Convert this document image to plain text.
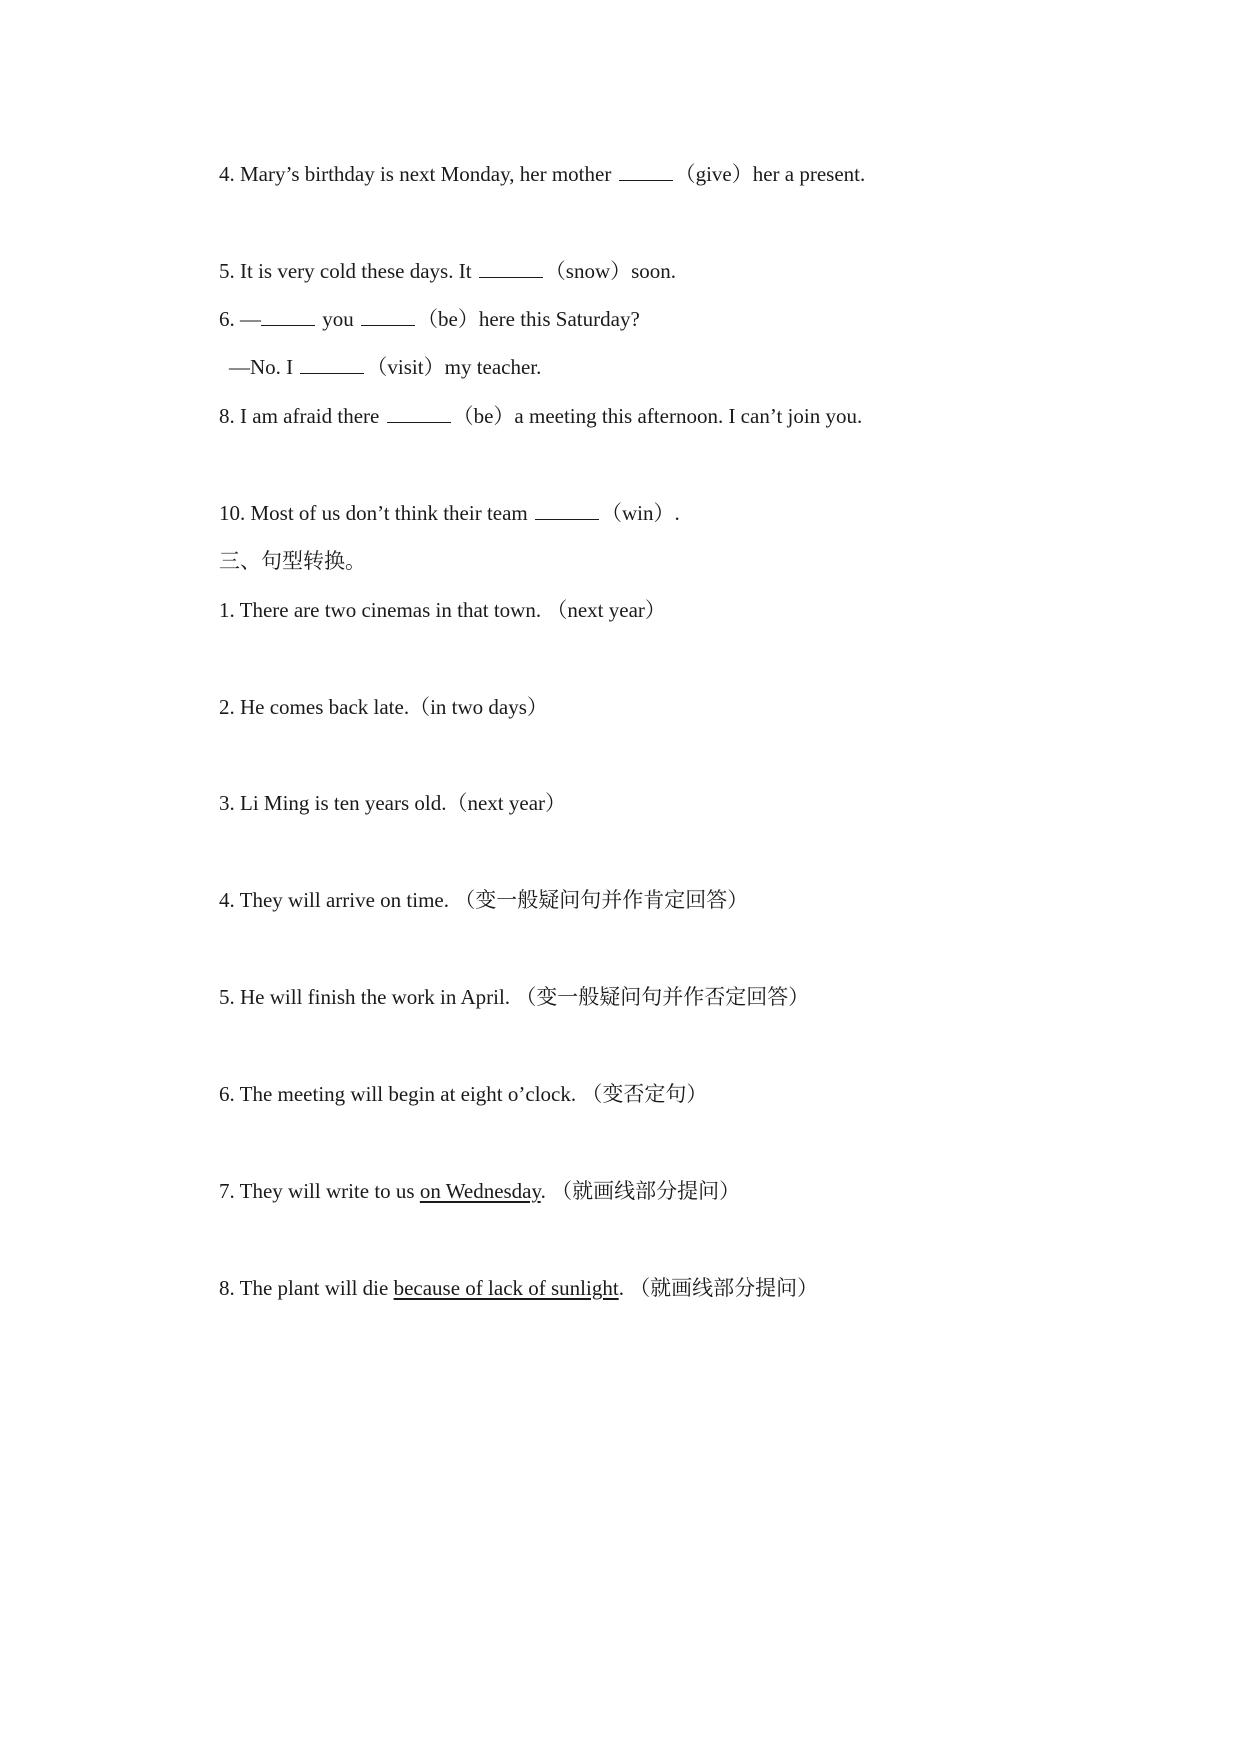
4. Mary’s birthday is next Monday, her mother	（give）her a present.
5. It is very cold these days. It	（snow）soon.
6. —	you	（be）here this Saturday?
—No. I	（visit）my teacher.
8. I am afraid there	（be）a meeting this afternoon. I can’t join you.
10. Most of us don’t think their team	（win）.
三、句型转换。
1. There are two cinemas in that town. （next year）
2. He comes back late.（in two days）
3. Li Ming is ten years old.（next year）
4. They will arrive on time. （变一般疑问句并作肯定回答）
5. He will finish the work in April. （变一般疑问句并作否定回答）
6. The meeting will begin at eight o’clock. （变否定句）
7. They will write to us on Wednesday. （就画线部分提问）
8. The plant will die because of lack of sunlight. （就画线部分提问）
